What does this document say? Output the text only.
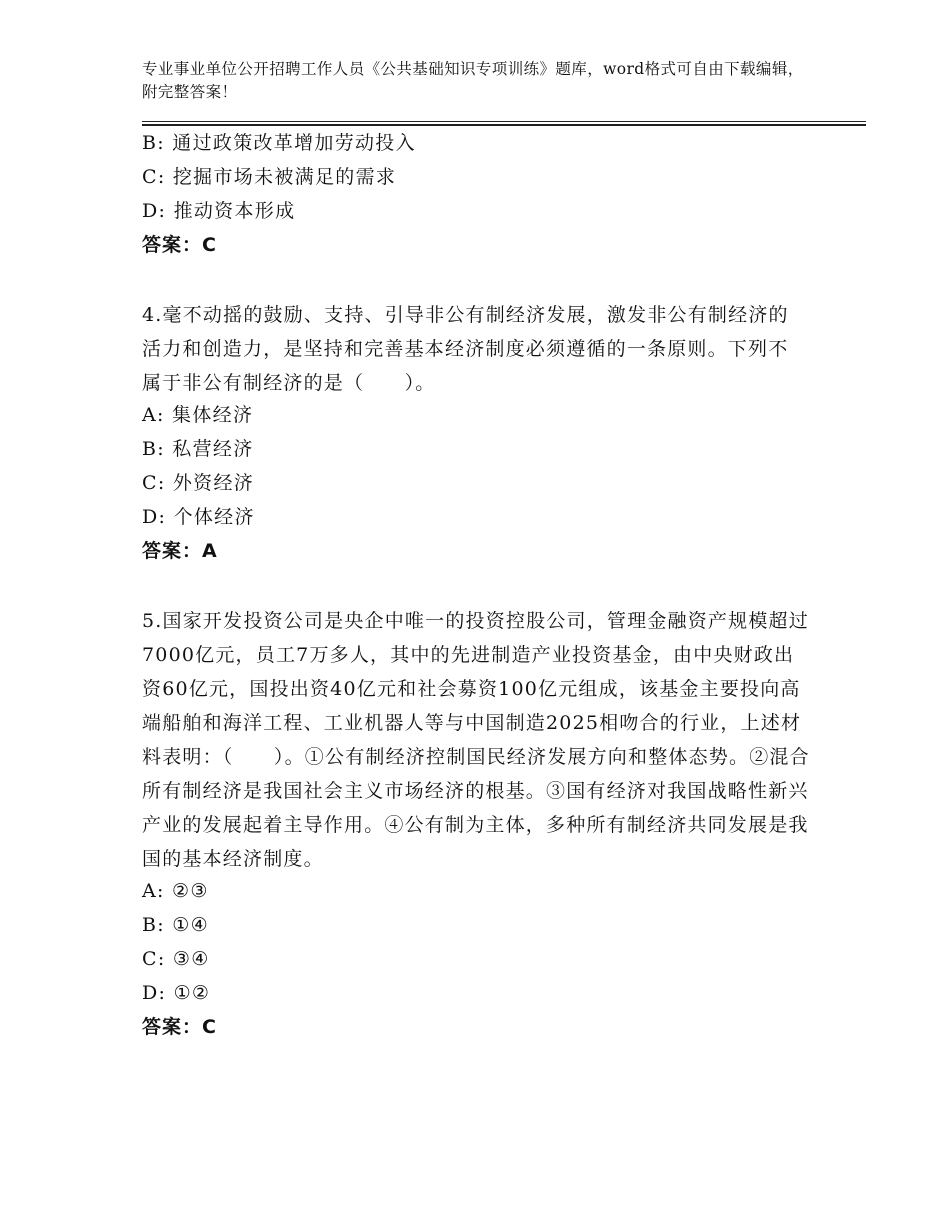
专业事业单位公开招聘工作人员《公共基础知识专项训练》题库，word格式可自由下载编辑，附完整答案！
B: 通过政策改革增加劳动投入
C: 挖掘市场未被满足的需求
D: 推动资本形成
答案：C
4.毫不动摇的鼓励、支持、引导非公有制经济发展，激发非公有制经济的活力和创造力，是坚持和完善基本经济制度必须遵循的一条原则。下列不属于非公有制经济的是（　　）。
A: 集体经济
B: 私营经济
C: 外资经济
D: 个体经济
答案：A
5.国家开发投资公司是央企中唯一的投资控股公司，管理金融资产规模超过7000亿元，员工7万多人，其中的先进制造产业投资基金，由中央财政出资60亿元，国投出资40亿元和社会募资100亿元组成，该基金主要投向高端船舶和海洋工程、工业机器人等与中国制造2025相吻合的行业，上述材料表明：（　　）。①公有制经济控制国民经济发展方向和整体态势。②混合所有制经济是我国社会主义市场经济的根基。③国有经济对我国战略性新兴产业的发展起着主导作用。④公有制为主体，多种所有制经济共同发展是我国的基本经济制度。
A: ②③
B: ①④
C: ③④
D: ①②
答案：C
